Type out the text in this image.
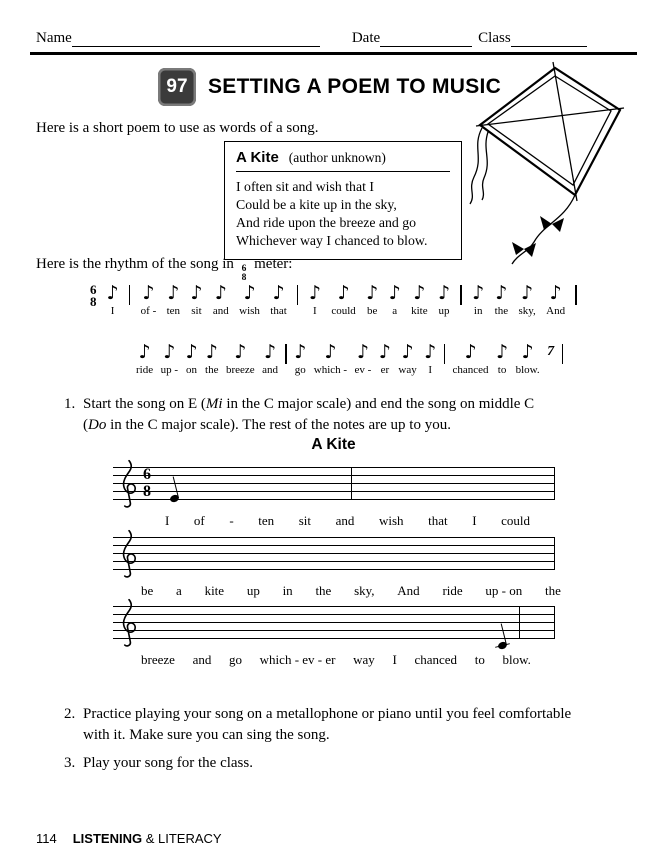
Name	Date	Class
97 SETTING A POEM TO MUSIC

Here is a short poem to use as words of a song.

A Kite (author unknown)
I often sit and wish that I
Could be a kite up in the sky,
And ride upon the breeze and go
Whichever way I chanced to blow.

Here is the rhythm of the song in 6
8
meter:

6
8 ♪
I
♪
of -
♪
ten
♪
sit
♪
and
♪
wish
♪
that
♪
I
♪
could
♪
be
♪
a
♪
kite
♪
up
♪
in
♪
the
♪
sky,
♪
And
♪
ride
♪
up -
♪
on
♪
the
♪
breeze
♪
and
♪
go
♪
which -
♪
ev -
♪
er
♪
way
♪
I
♪
chanced
♪
to
♪
blow.
7
1. Start the song on E (Mi in the C major scale) and end the song on middle C
(Do in the C major scale). The rest of the notes are up to you.
A Kite
6
8
I of - ten sit and wish that I could
be a kite up in the sky, And ride up - on the
breeze and go which - ev - er way I chanced to blow.
2. Practice playing your song on a metallophone or piano until you feel comfortable
with it. Make sure you can sing the song.
3. Play your song for the class.
114 LISTENING & LITERACY
